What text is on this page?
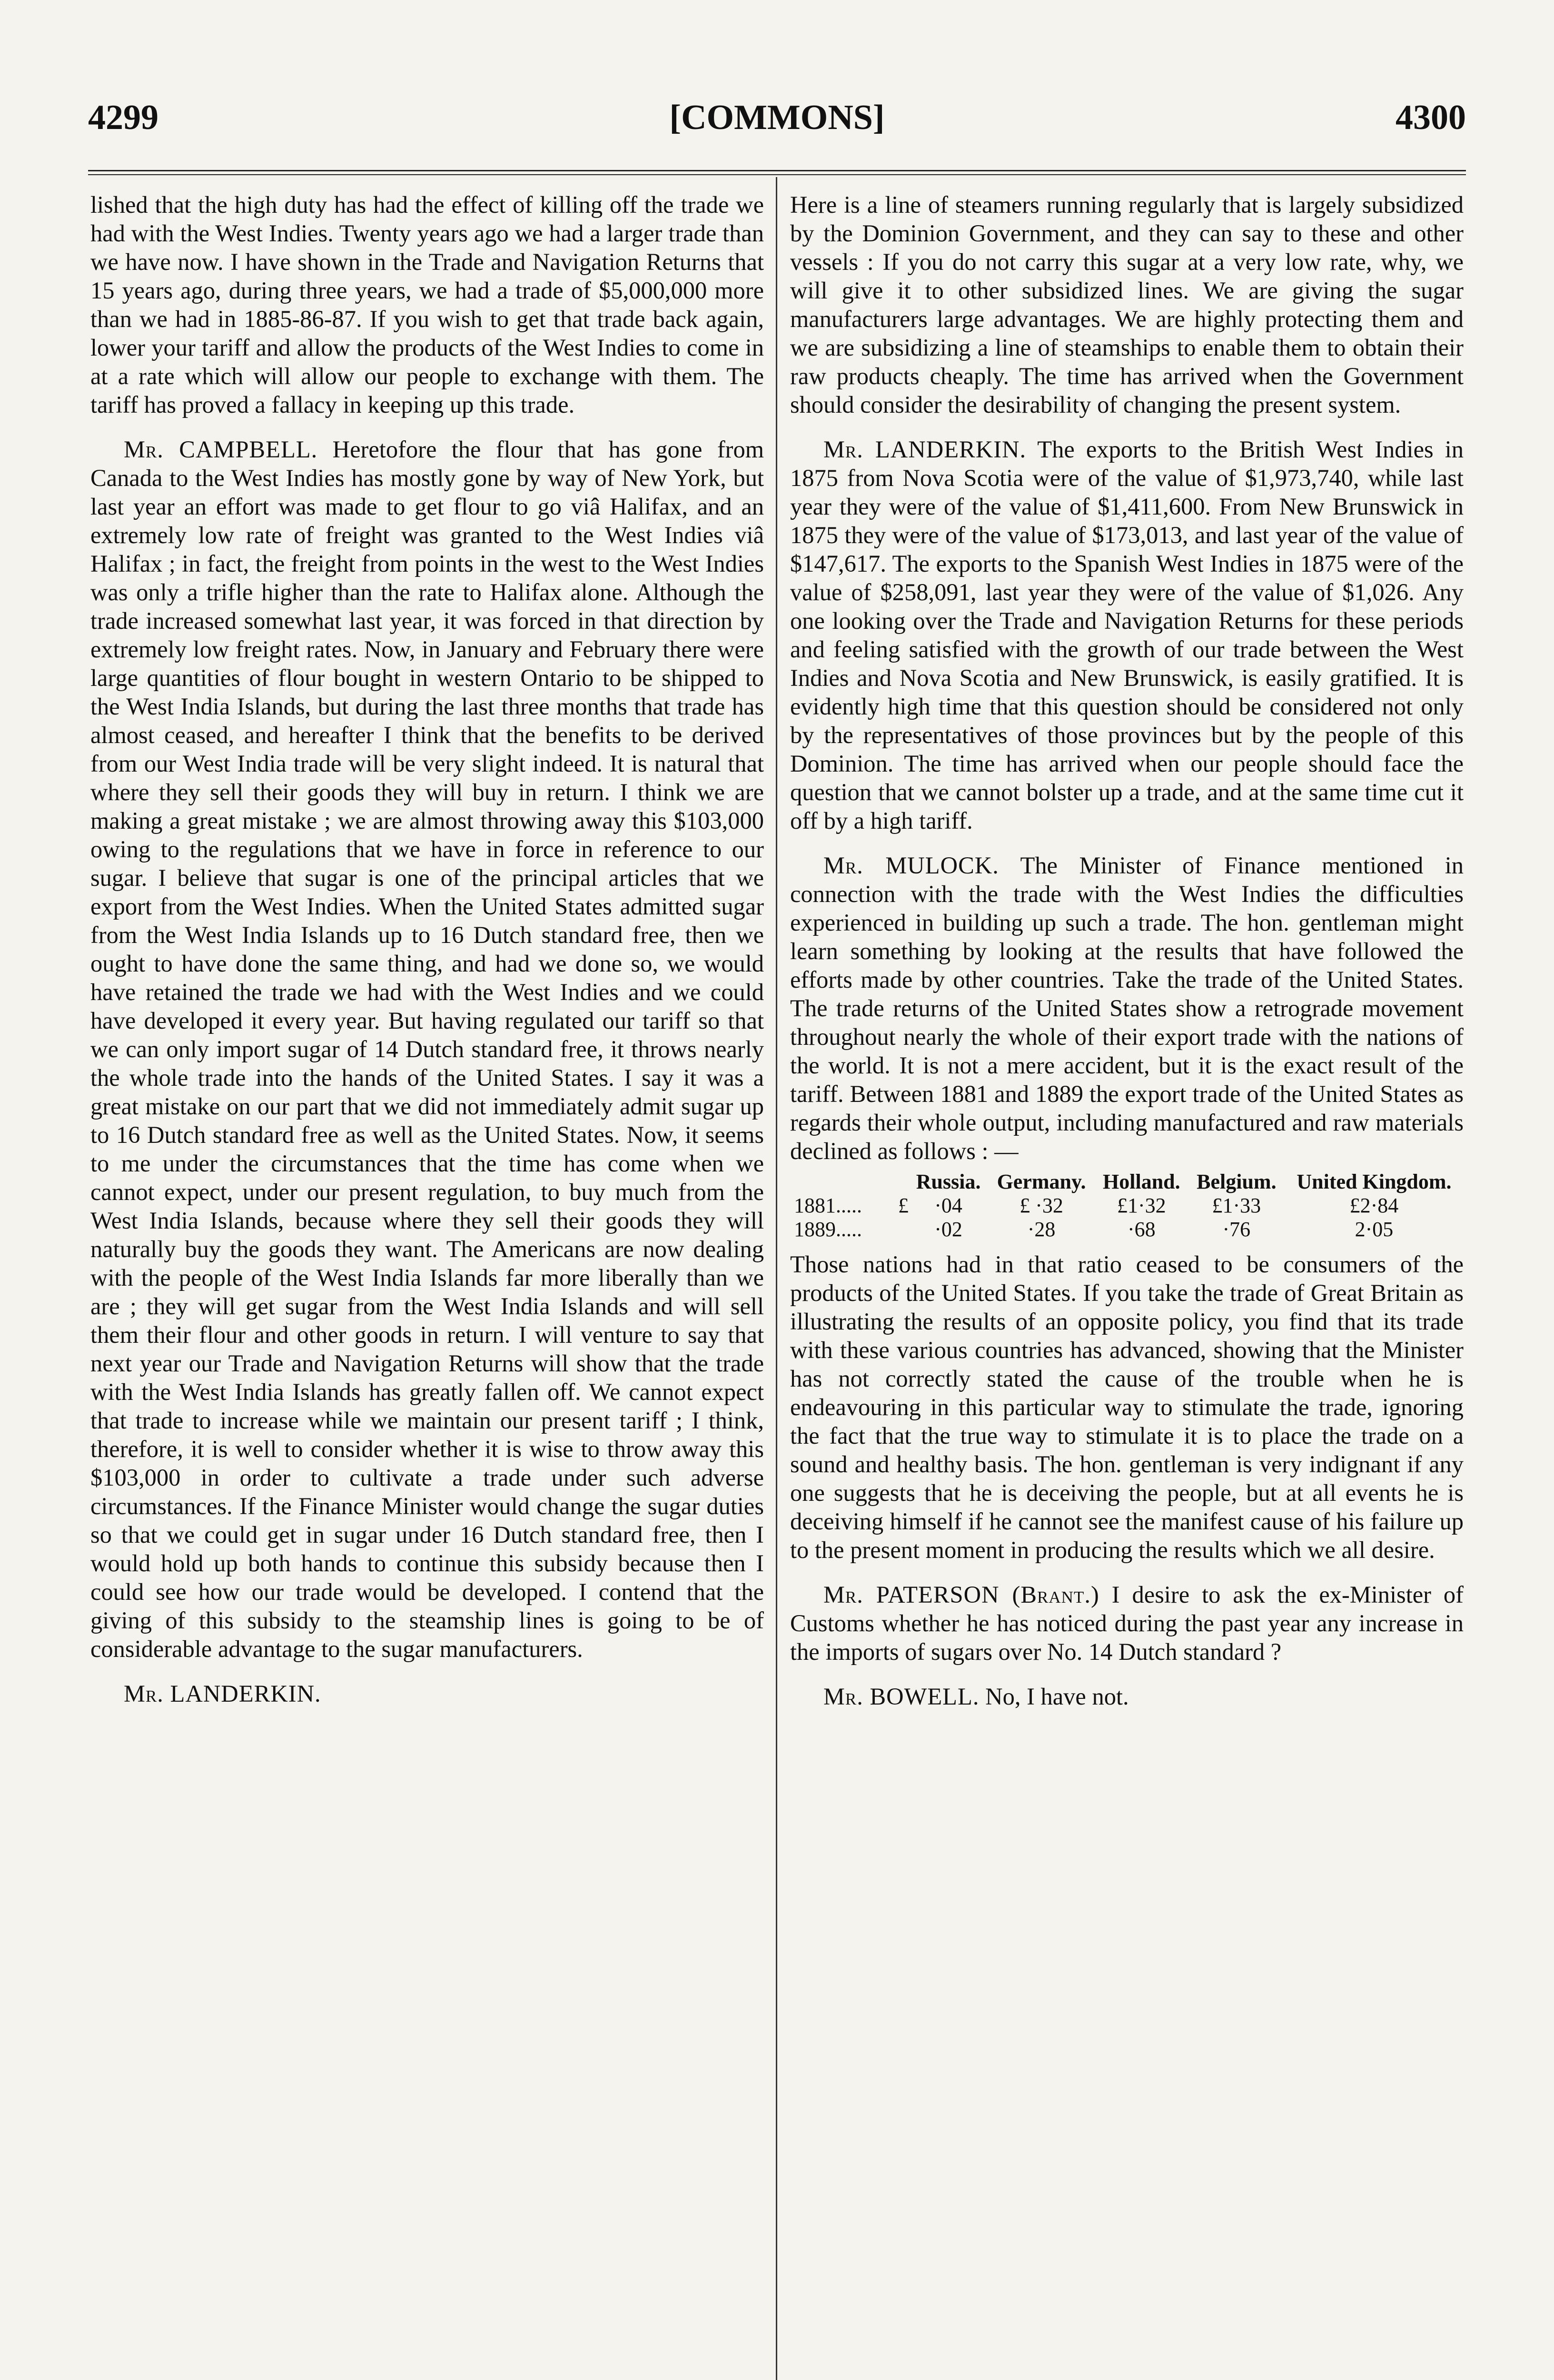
4299	[COMMONS]	4300

lished that the high duty has had the effect of killing off the trade we had with the West Indies. Twenty years ago we had a larger trade than we have now. I have shown in the Trade and Navigation Returns that 15 years ago, during three years, we had a trade of $5,000,000 more than we had in 1885-86-87. If you wish to get that trade back again, lower your tariff and allow the products of the West Indies to come in at a rate which will allow our people to exchange with them. The tariff has proved a fallacy in keeping up this trade.

Mr. CAMPBELL. Heretofore the flour that has gone from Canada to the West Indies has mostly gone by way of New York, but last year an effort was made to get flour to go viâ Halifax, and an extremely low rate of freight was granted to the West Indies viâ Halifax ; in fact, the freight from points in the west to the West Indies was only a trifle higher than the rate to Halifax alone. Although the trade increased somewhat last year, it was forced in that direction by extremely low freight rates. Now, in January and February there were large quantities of flour bought in western Ontario to be shipped to the West India Islands, but during the last three months that trade has almost ceased, and hereafter I think that the benefits to be derived from our West India trade will be very slight indeed. It is natural that where they sell their goods they will buy in return. I think we are making a great mistake ; we are almost throwing away this $103,000 owing to the regulations that we have in force in reference to our sugar. I believe that sugar is one of the principal articles that we export from the West Indies. When the United States admitted sugar from the West India Islands up to 16 Dutch standard free, then we ought to have done the same thing, and had we done so, we would have retained the trade we had with the West Indies and we could have developed it every year. But having regulated our tariff so that we can only import sugar of 14 Dutch standard free, it throws nearly the whole trade into the hands of the United States. I say it was a great mistake on our part that we did not immediately admit sugar up to 16 Dutch standard free as well as the United States. Now, it seems to me under the circumstances that the time has come when we cannot expect, under our present regulation, to buy much from the West India Islands, because where they sell their goods they will naturally buy the goods they want. The Americans are now dealing with the people of the West India Islands far more liberally than we are ; they will get sugar from the West India Islands and will sell them their flour and other goods in return. I will venture to say that next year our Trade and Navigation Returns will show that the trade with the West India Islands has greatly fallen off. We cannot expect that trade to increase while we maintain our present tariff ; I think, therefore, it is well to consider whether it is wise to throw away this $103,000 in order to cultivate a trade under such adverse circumstances. If the Finance Minister would change the sugar duties so that we could get in sugar under 16 Dutch standard free, then I would hold up both hands to continue this subsidy because then I could see how our trade would be developed. I contend that the giving of this subsidy to the steamship lines is going to be of considerable advantage to the sugar manufacturers.

Mr. LANDERKIN.

Here is a line of steamers running regularly that is largely subsidized by the Dominion Government, and they can say to these and other vessels : If you do not carry this sugar at a very low rate, why, we will give it to other subsidized lines. We are giving the sugar manufacturers large advantages. We are highly protecting them and we are subsidizing a line of steamships to enable them to obtain their raw products cheaply. The time has arrived when the Government should consider the desirability of changing the present system.

Mr. LANDERKIN. The exports to the British West Indies in 1875 from Nova Scotia were of the value of $1,973,740, while last year they were of the value of $1,411,600. From New Brunswick in 1875 they were of the value of $173,013, and last year of the value of $147,617. The exports to the Spanish West Indies in 1875 were of the value of $258,091, last year they were of the value of $1,026. Any one looking over the Trade and Navigation Returns for these periods and feeling satisfied with the growth of our trade between the West Indies and Nova Scotia and New Brunswick, is easily gratified. It is evidently high time that this question should be considered not only by the representatives of those provinces but by the people of this Dominion. The time has arrived when our people should face the question that we cannot bolster up a trade, and at the same time cut it off by a high tariff.

Mr. MULOCK. The Minister of Finance mentioned in connection with the trade with the West Indies the difficulties experienced in building up such a trade. The hon. gentleman might learn something by looking at the results that have followed the efforts made by other countries. Take the trade of the United States. The trade returns of the United States show a retrograde movement throughout nearly the whole of their export trade with the nations of the world. It is not a mere accident, but it is the exact result of the tariff. Between 1881 and 1889 the export trade of the United States as regards their whole output, including manufactured and raw materials declined as follows : —

		Russia.	Germany.	Holland.	Belgium.	United Kingdom.
1881.....	£	·04	£ ·32	£1·32	£1·33	£2·84
1889.....		·02	·28	·68	·76	2·05

Those nations had in that ratio ceased to be consumers of the products of the United States. If you take the trade of Great Britain as illustrating the results of an opposite policy, you find that its trade with these various countries has advanced, showing that the Minister has not correctly stated the cause of the trouble when he is endeavouring in this particular way to stimulate the trade, ignoring the fact that the true way to stimulate it is to place the trade on a sound and healthy basis. The hon. gentleman is very indignant if any one suggests that he is deceiving the people, but at all events he is deceiving himself if he cannot see the manifest cause of his failure up to the present moment in producing the results which we all desire.

Mr. PATERSON (Brant.) I desire to ask the ex-Minister of Customs whether he has noticed during the past year any increase in the imports of sugars over No. 14 Dutch standard ?

Mr. BOWELL. No, I have not.
